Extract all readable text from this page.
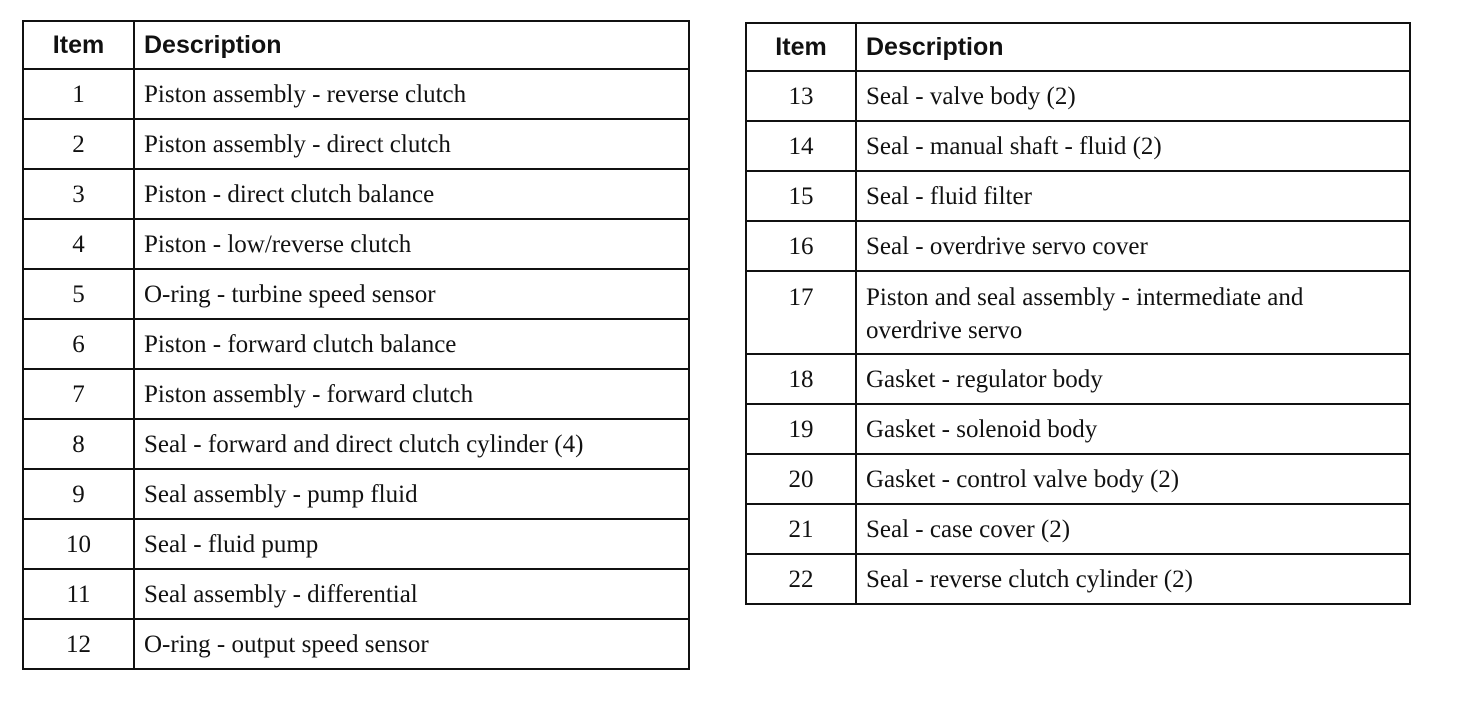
Item	Description
1	Piston assembly - reverse clutch
2	Piston assembly - direct clutch
3	Piston - direct clutch balance
4	Piston - low/reverse clutch
5	O-ring - turbine speed sensor
6	Piston - forward clutch balance
7	Piston assembly - forward clutch
8	Seal - forward and direct clutch cylinder (4)
9	Seal assembly - pump fluid
10	Seal - fluid pump
11	Seal assembly - differential
12	O-ring - output speed sensor
Item	Description
13	Seal - valve body (2)
14	Seal - manual shaft - fluid (2)
15	Seal - fluid filter
16	Seal - overdrive servo cover
17	Piston and seal assembly - intermediate and overdrive servo
18	Gasket - regulator body
19	Gasket - solenoid body
20	Gasket - control valve body (2)
21	Seal - case cover (2)
22	Seal - reverse clutch cylinder (2)
